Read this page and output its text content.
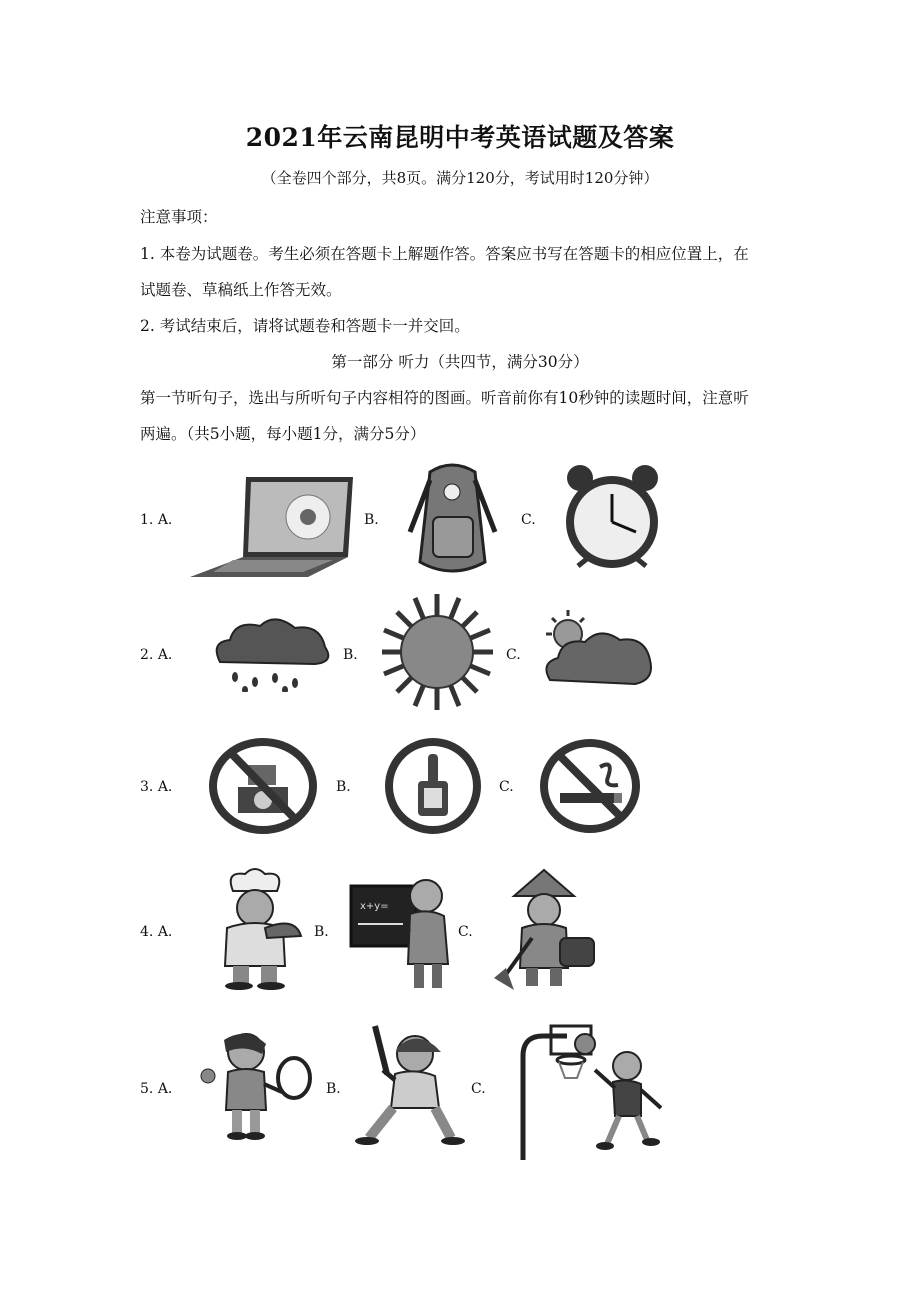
2021年云南昆明中考英语试题及答案
（全卷四个部分，共8页。满分120分，考试用时120分钟）
注意事项：
1. 本卷为试题卷。考生必须在答题卡上解题作答。答案应书写在答题卡的相应位置上，在
试题卷、草稿纸上作答无效。
2. 考试结束后，请将试题卷和答题卡一并交回。
第一部分 听力（共四节，满分30分）
第一节听句子，选出与所听句子内容相符的图画。听音前你有10秒钟的读题时间，注意听
两遍。（共5小题，每小题1分，满分5分）
1. A.	B.	C.
2. A.	B.	C.
3. A.	B.	C.
4. A.	B.
x+y=
C.
5. A.	B.	C.
